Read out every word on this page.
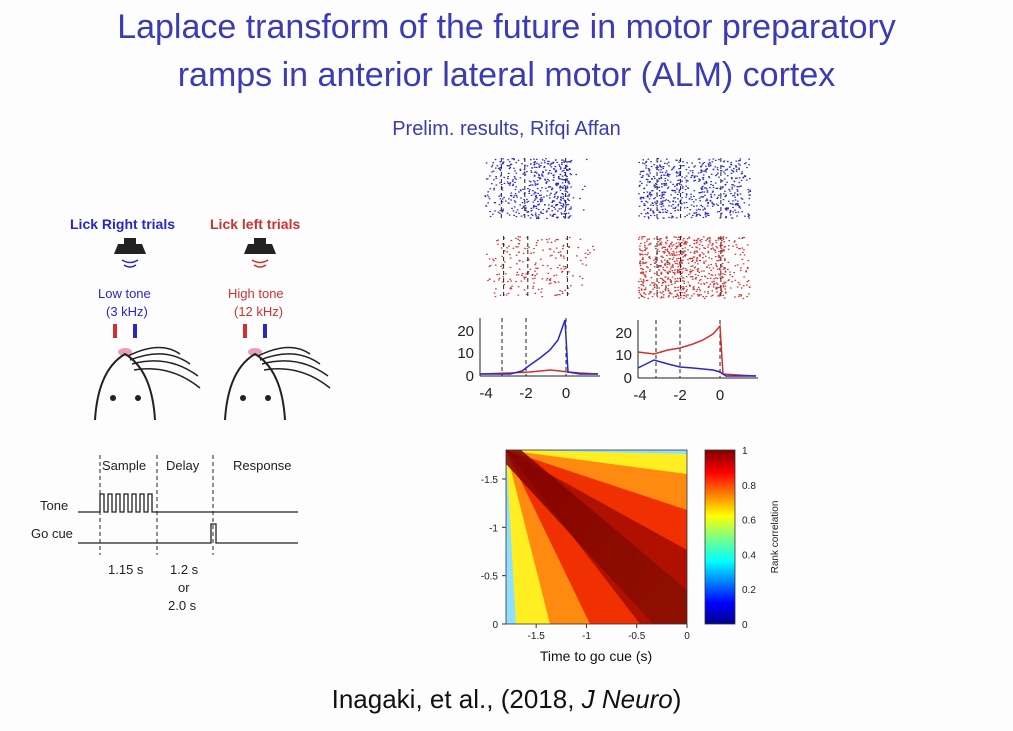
Laplace transform of the future in motor preparatory
ramps in anterior lateral motor (ALM) cortex
Prelim. results, Rifqi Affan
Lick Right trials Lick left trials
Low tone
(3 kHz)
High tone
(12 kHz)
Sample Delay	Response
Tone
Go cue
1.15 s 1.2 s
or
2.0 s
20
10
0
-4 -2 0
20
10
0
-4 -2 0
-1.5	-1	-0.5	0
-1.5
-1
-0.5
0
1
0.8
0.6
0.4
0.2
0
Time to go cue (s)
Rank correlation
Inagaki, et al., (2018, J Neuro)
